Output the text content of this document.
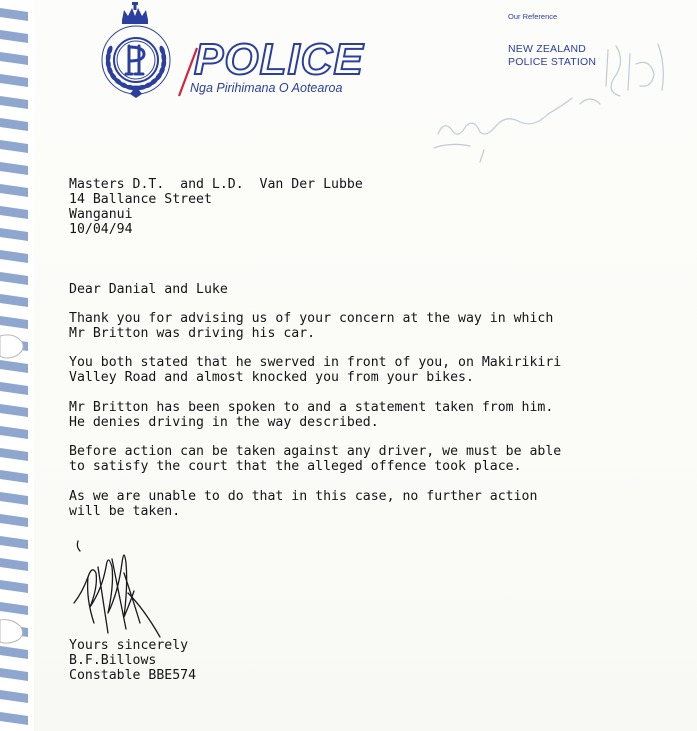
POLICE
Nga Pirihimana O Aotearoa
Our Reference
NEW ZEALAND
POLICE STATION
Masters D.T.  and L.D.  Van Der Lubbe
14 Ballance Street
Wanganui
10/04/94
Dear Danial and Luke
Thank you for advising us of your concern at the way in which
Mr Britton was driving his car.
You both stated that he swerved in front of you, on Makirikiri
Valley Road and almost knocked you from your bikes.
Mr Britton has been spoken to and a statement taken from him.
He denies driving in the way described.
Before action can be taken against any driver, we must be able
to satisfy the court that the alleged offence took place.
As we are unable to do that in this case, no further action
will be taken.
Yours sincerely
B.F.Billows
Constable BBE574
